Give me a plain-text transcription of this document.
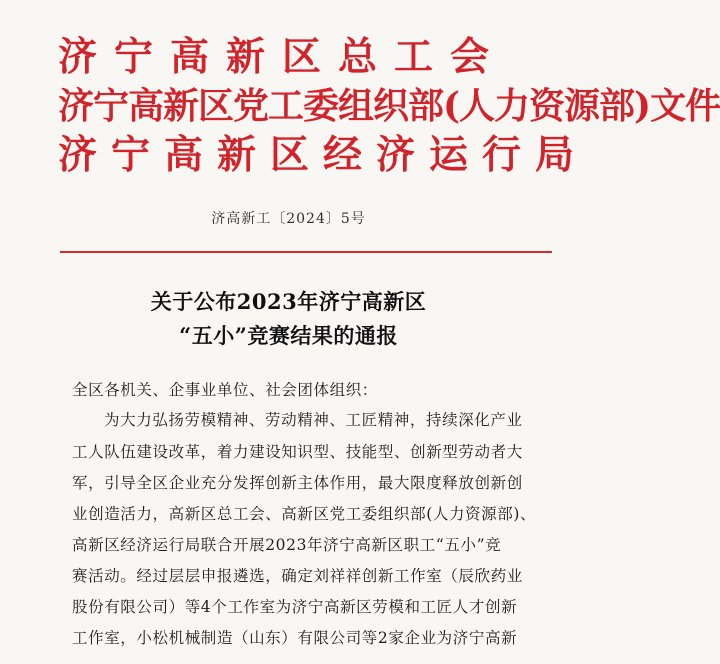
济宁高新区总工会
济宁高新区党工委组织部(人力资源部)文件
济宁高新区经济运行局
济高新工〔2024〕5号
关于公布2023年济宁高新区
“五小”竞赛结果的通报
全区各机关、企事业单位、社会团体组织：
为大力弘扬劳模精神、劳动精神、工匠精神，持续深化产业
工人队伍建设改革，着力建设知识型、技能型、创新型劳动者大
军，引导全区企业充分发挥创新主体作用，最大限度释放创新创
业创造活力，高新区总工会、高新区党工委组织部(人力资源部)、
高新区经济运行局联合开展2023年济宁高新区职工“五小”竞
赛活动。经过层层申报遴选，确定刘祥祥创新工作室（辰欣药业
股份有限公司）等4个工作室为济宁高新区劳模和工匠人才创新
工作室，小松机械制造（山东）有限公司等2家企业为济宁高新
